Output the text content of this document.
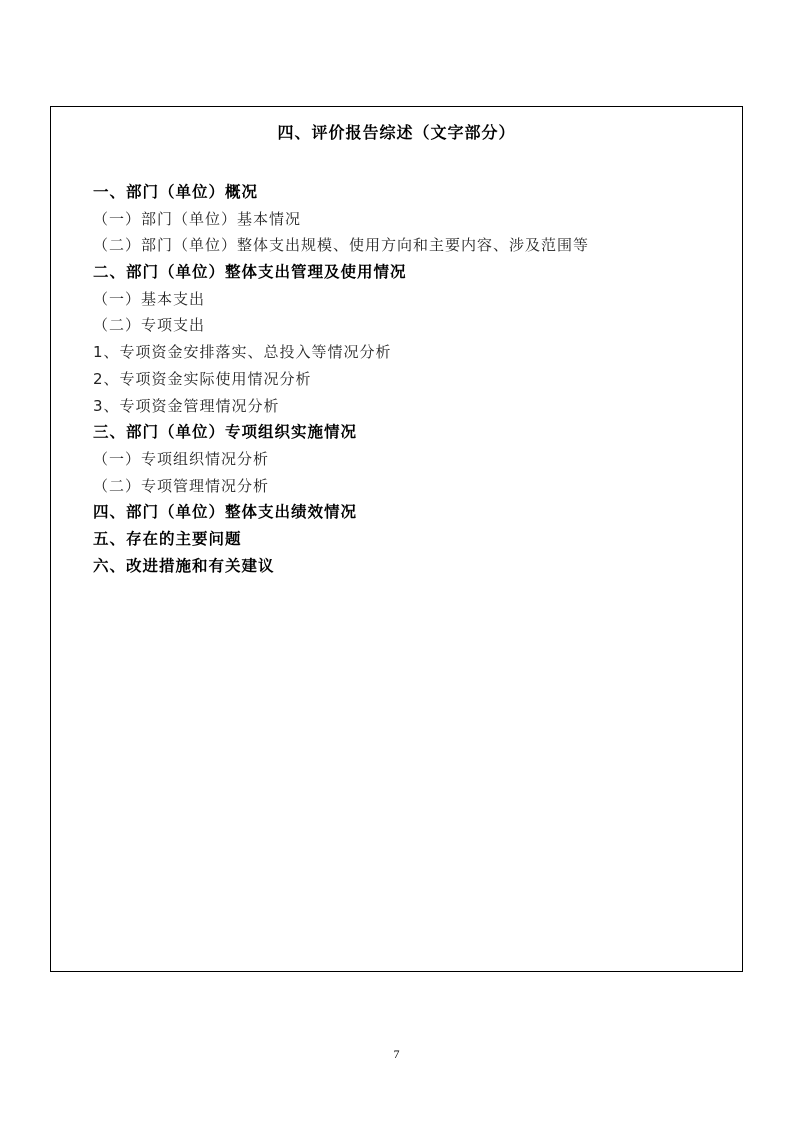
四、评价报告综述（文字部分）
一、部门（单位）概况
（一）部门（单位）基本情况
（二）部门（单位）整体支出规模、使用方向和主要内容、涉及范围等
二、部门（单位）整体支出管理及使用情况
（一）基本支出
（二）专项支出
1、专项资金安排落实、总投入等情况分析
2、专项资金实际使用情况分析
3、专项资金管理情况分析
三、部门（单位）专项组织实施情况
（一）专项组织情况分析
（二）专项管理情况分析
四、部门（单位）整体支出绩效情况
五、存在的主要问题
六、改进措施和有关建议
7
